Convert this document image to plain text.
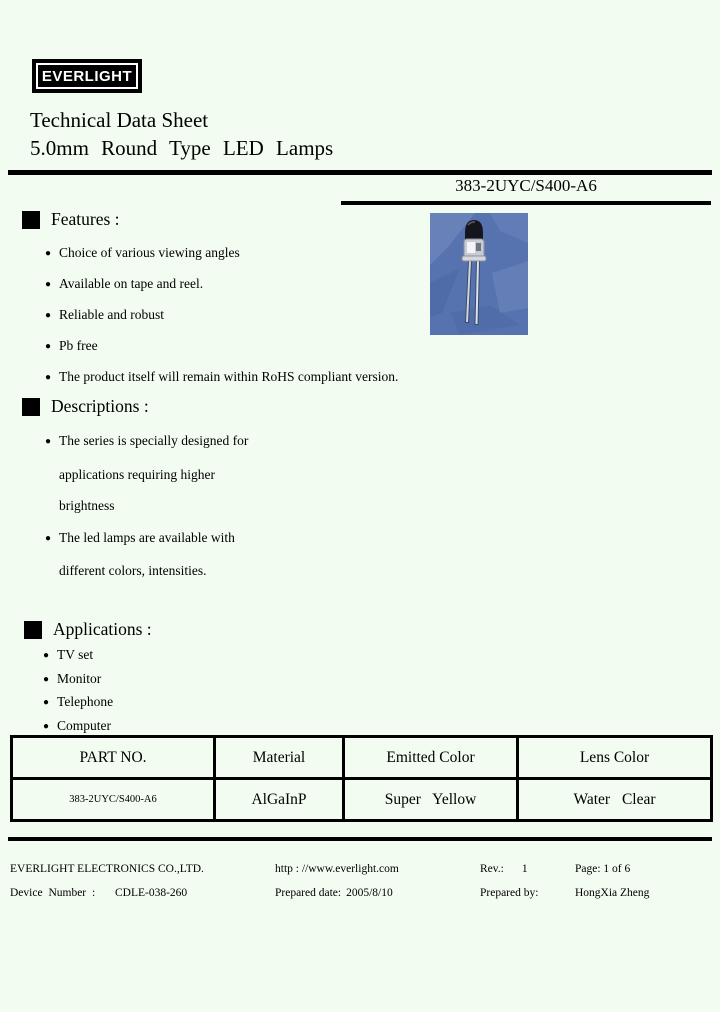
EVERLIGHT
Technical Data Sheet
5.0mm Round Type LED Lamps
383-2UYC/S400-A6
Features :
● Choice of various viewing angles
● Available on tape and reel.
● Reliable and robust
● Pb free
● The product itself will remain within RoHS compliant version.
Descriptions :
● The series is specially designed for
applications requiring higher
brightness
● The led lamps are available with
different colors, intensities.
Applications :
● TV set
● Monitor
● Telephone
● Computer
PART NO.	Material	Emitted Color	Lens Color
383-2UYC/S400-A6	AlGaInP	Super Yellow	Water Clear
EVERLIGHT ELECTRONICS CO.,LTD.
Device Number : CDLE-038-260
http : //www.everlight.com
Prepared date: 2005/8/10
Rev.: 1	Page: 1 of 6
Prepared by:	HongXia Zheng
